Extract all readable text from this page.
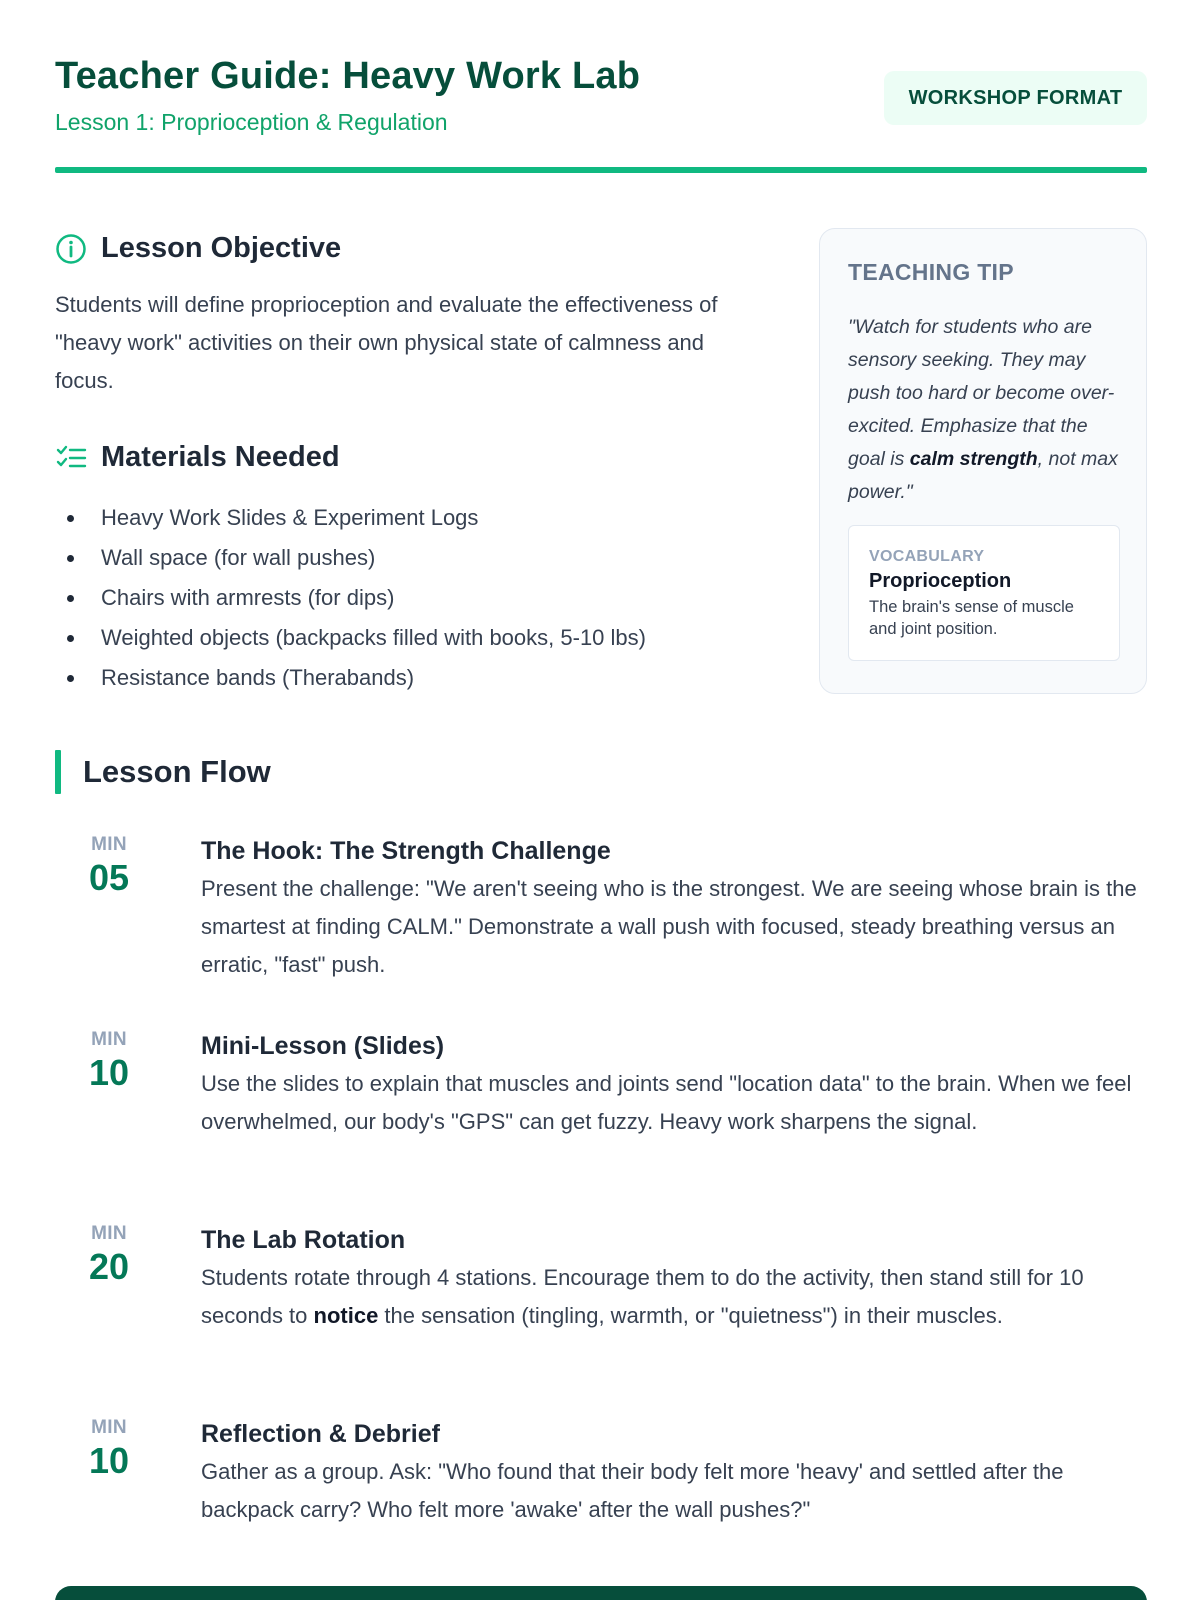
Teacher Guide: Heavy Work Lab
Lesson 1: Proprioception & Regulation
WORKSHOP FORMAT
Lesson Objective

Students will define proprioception and evaluate the effectiveness of "heavy work" activities on their own physical state of calmness and focus.

Materials Needed
Heavy Work Slides & Experiment Logs
Wall space (for wall pushes)
Chairs with armrests (for dips)
Weighted objects (backpacks filled with books, 5-10 lbs)
Resistance bands (Therabands)
TEACHING TIP

"Watch for students who are sensory seeking. They may push too hard or become over-excited. Emphasize that the goal is calm strength, not max power."

VOCABULARY
Proprioception
The brain's sense of muscle and joint position.
Lesson Flow
MIN
05
The Hook: The Strength Challenge

Present the challenge: "We aren't seeing who is the strongest. We are seeing whose brain is the smartest at finding CALM." Demonstrate a wall push with focused, steady breathing versus an erratic, "fast" push.

MIN
10
Mini-Lesson (Slides)

Use the slides to explain that muscles and joints send "location data" to the brain. When we feel overwhelmed, our body's "GPS" can get fuzzy. Heavy work sharpens the signal.

MIN
20
The Lab Rotation

Students rotate through 4 stations. Encourage them to do the activity, then stand still for 10 seconds to notice the sensation (tingling, warmth, or "quietness") in their muscles.

MIN
10
Reflection & Debrief

Gather as a group. Ask: "Who found that their body felt more 'heavy' and settled after the backpack carry? Who felt more 'awake' after the wall pushes?"
